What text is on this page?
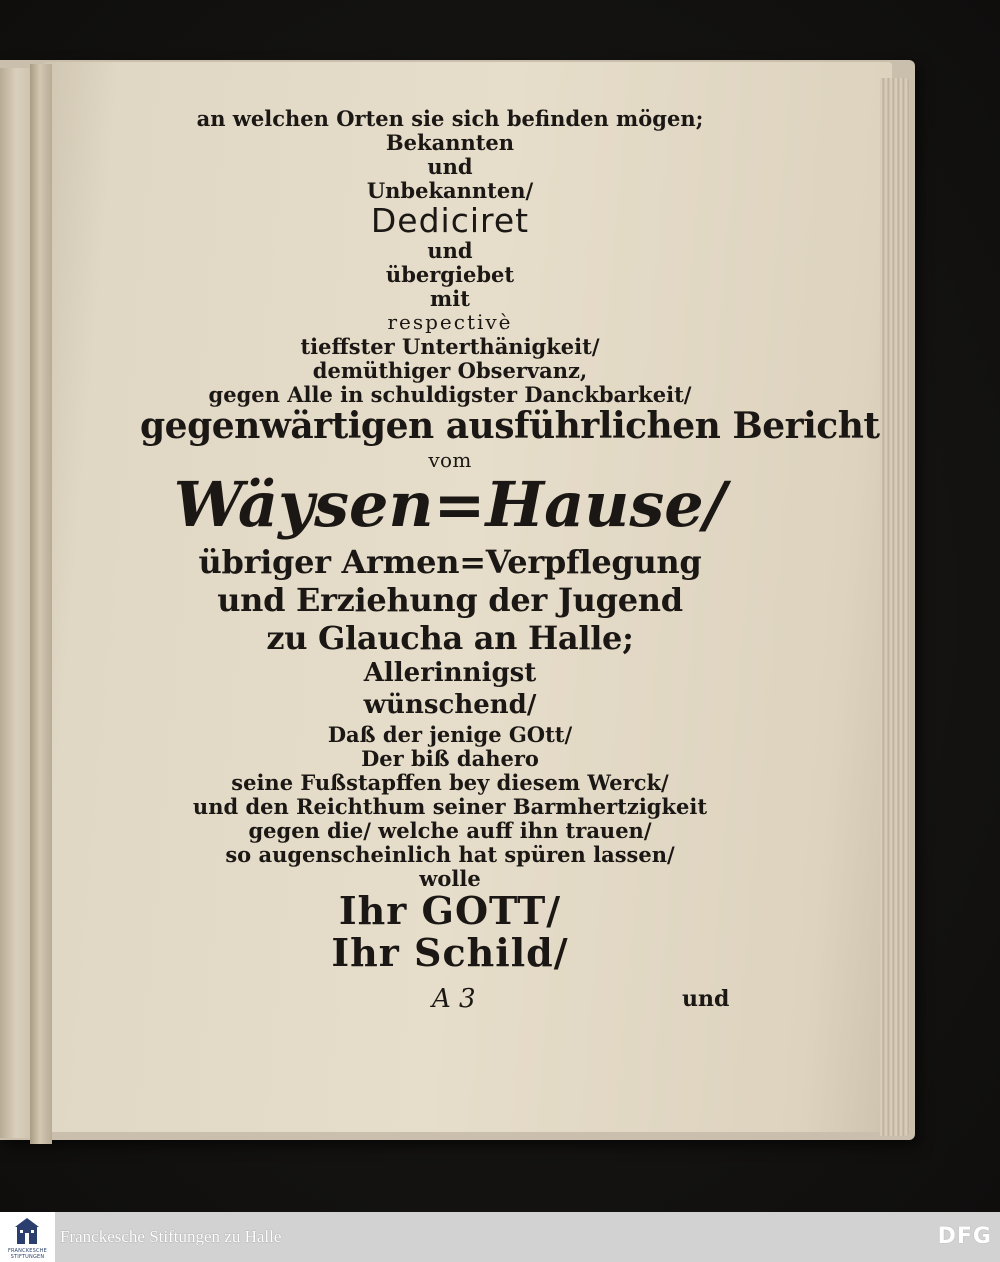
an welchen Orten sie sich befinden mögen;
Bekannten
und
Unbekannten/
Dediciret
und
übergiebet
mit
respectivè
tieffster Unterthänigkeit/
demüthiger Observanz,
gegen Alle in schuldigster Danckbarkeit/
gegenwärtigen ausführlichen Bericht
vom
Wäysen=Hause/
übriger Armen=Verpflegung
und Erziehung der Jugend
zu Glaucha an Halle;
Allerinnigst
wünschend/
Daß der jenige GOtt/
Der biß dahero
seine Fußstapffen bey diesem Werck/
und den Reichthum seiner Barmhertzigkeit
gegen die/ welche auff ihn trauen/
so augenscheinlich hat spüren lassen/
wolle
Ihr GOTT/
Ihr Schild/
A 3	und
FRANCKESCHE STIFTUNGEN
Franckesche Stiftungen zu Halle	DFG
